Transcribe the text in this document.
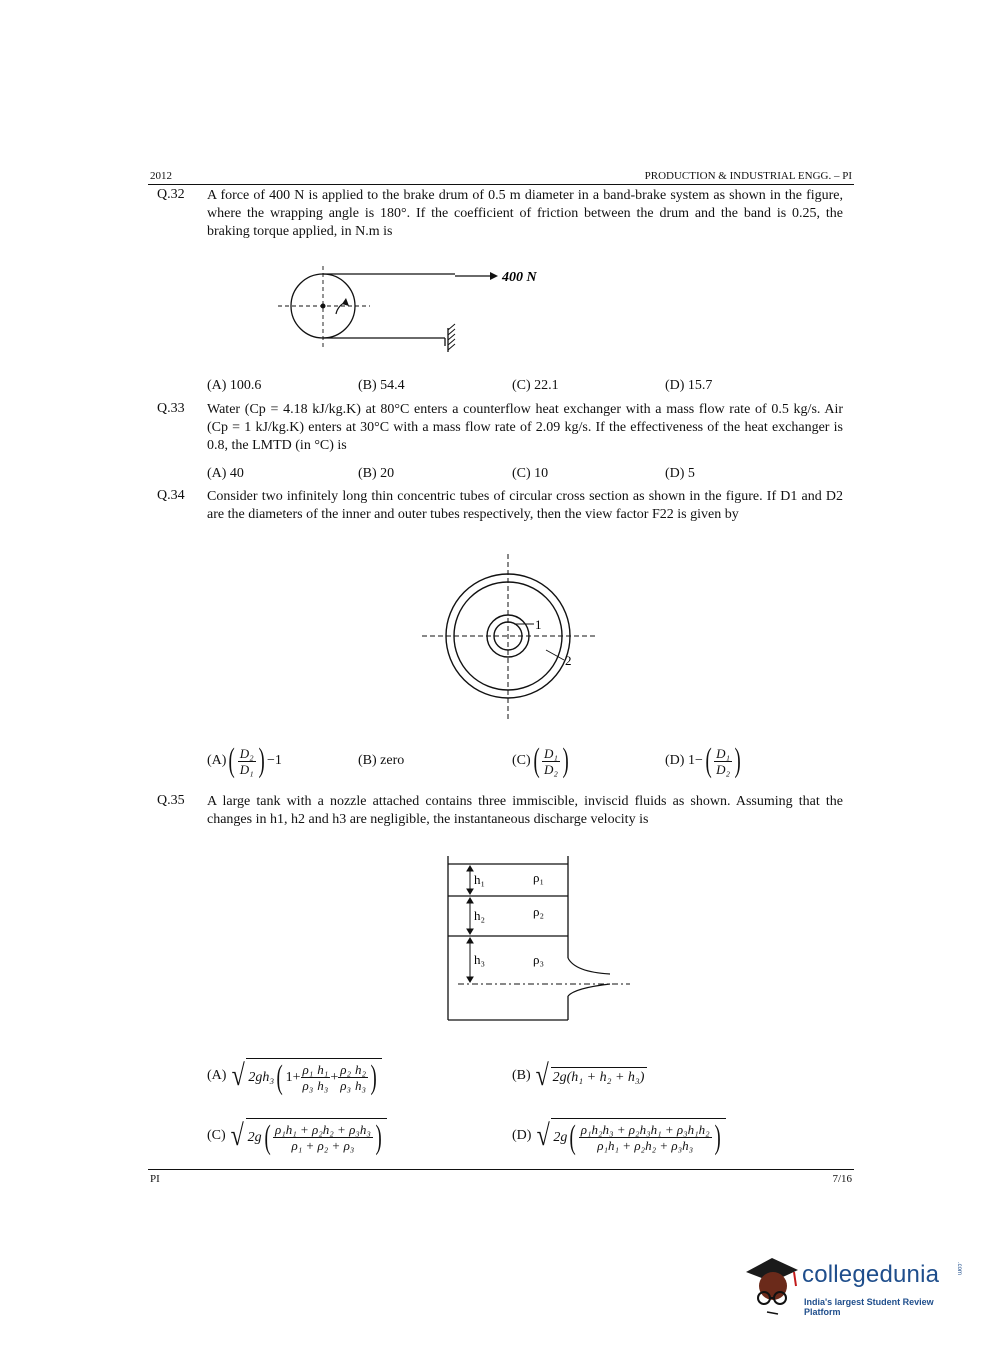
2012	PRODUCTION & INDUSTRIAL ENGG. – PI
Q.32 A force of 400 N is applied to the brake drum of 0.5 m diameter in a band-brake system as shown in the figure, where the wrapping angle is 180°. If the coefficient of friction between the drum and the band is 0.25, the braking torque applied, in N.m is
400 N
(A) 100.6	(B) 54.4	(C) 22.1	(D) 15.7
Q.33 Water (Cp = 4.18 kJ/kg.K) at 80°C enters a counterflow heat exchanger with a mass flow rate of 0.5 kg/s. Air (Cp = 1 kJ/kg.K) enters at 30°C with a mass flow rate of 2.09 kg/s. If the effectiveness of the heat exchanger is 0.8, the LMTD (in °C) is
(A) 40	(B) 20	(C) 10	(D) 5
Q.34 Consider two infinitely long thin concentric tubes of circular cross section as shown in the figure. If D1 and D2 are the diameters of the inner and outer tubes respectively, then the view factor F22 is given by
1
2
(A) ( $\frac{\text{D₂}}{\text{D₁}}$ ) −1	(B) zero	(C) ( $\frac{\text{D₁}}{\text{D₂}}$ )	(D)
1− ( $\frac{\text{D₁}}{\text{D₂}}$ )
Q.35 A large tank with a nozzle attached contains three immiscible, inviscid fluids as shown. Assuming that the changes in h1, h2 and h3 are negligible, the instantaneous discharge velocity is
h₁
h₂
h₃
ρ₁
ρ₂
ρ₃
(A)
√ 2gh₃ ( $1+ \frac{\text{ρ₁}}{\text{ρ₃}} \frac{\text{h₁}}{\text{h₃}} + \frac{\text{ρ₂}}{\text{ρ₃}} \frac{\text{h₂}}{\text{h₃}}$ )	(B)
√ 2g(h₁ + h₂ + h₃)
(C)
√ 2g ( $\frac{\text{ρ₁h₁ + ρ₂h₂ + ρ₃h₃}}{\text{ρ₁ + ρ₂ + ρ₃}}$ )	(D)
√ 2g ( $\frac{\text{ρ₁h₂h₃ + ρ₂h₃h₁ + ρ₃h₁h₂}}{\text{ρ₁h₁ + ρ₂h₂ + ρ₃h₃}}$ )
PI	7/16
collegedunia	.com
India's largest Student Review Platform
